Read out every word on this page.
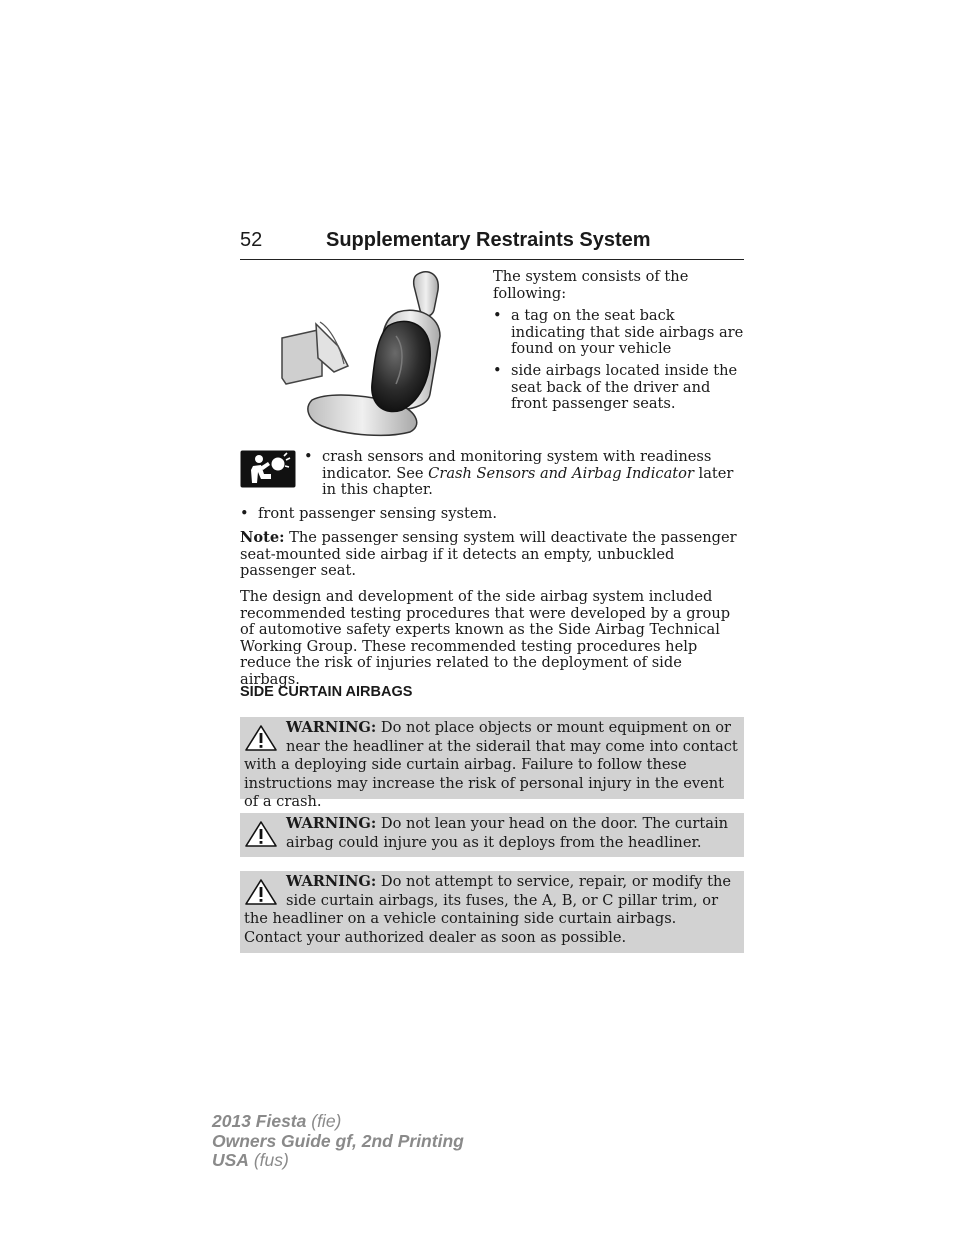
52	Supplementary Restraints System

The system consists of the following:

• a tag on the seat back indicating that side airbags are found on your vehicle
• side airbags located inside the seat back of the driver and front passenger seats.
• crash sensors and monitoring system with readiness indicator. See Crash Sensors and Airbag Indicator later in this chapter.
• front passenger sensing system.

Note: The passenger sensing system will deactivate the passenger seat-mounted side airbag if it detects an empty, unbuckled passenger seat.

The design and development of the side airbag system included recommended testing procedures that were developed by a group of automotive safety experts known as the Side Airbag Technical Working Group. These recommended testing procedures help reduce the risk of injuries related to the deployment of side airbags.

SIDE CURTAIN AIRBAGS
WARNING: Do not place objects or mount equipment on or near the headliner at the siderail that may come into contact with a deploying side curtain airbag. Failure to follow these instructions may increase the risk of personal injury in the event of a crash.
WARNING: Do not lean your head on the door. The curtain airbag could injure you as it deploys from the headliner.
WARNING: Do not attempt to service, repair, or modify the side curtain airbags, its fuses, the A, B, or C pillar trim, or the headliner on a vehicle containing side curtain airbags. Contact your authorized dealer as soon as possible.
2013 Fiesta (fie)
Owners Guide gf, 2nd Printing
USA (fus)
